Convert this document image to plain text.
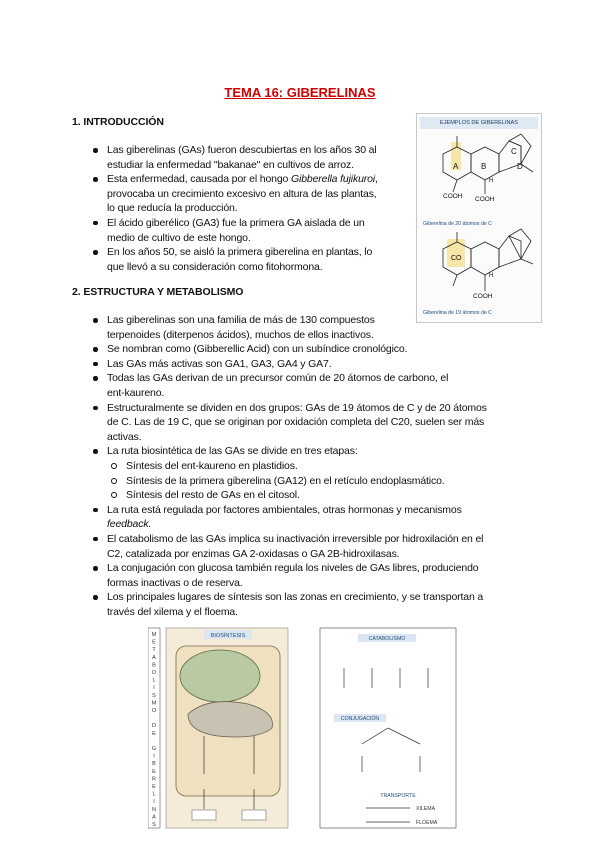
TEMA 16: GIBERELINAS
1. INTRODUCCIÓN
Las giberelinas (GAs) fueron descubiertas en los años 30 al
estudiar la enfermedad "bakanae" en cultivos de arroz.
Esta enfermedad, causada por el hongo Gibberella fujikuroi,
provocaba un crecimiento excesivo en altura de las plantas,
lo que reducía la producción.
El ácido giberélico (GA3) fue la primera GA aislada de un
medio de cultivo de este hongo.
En los años 50, se aisló la primera giberelina en plantas, lo
que llevó a su consideración como fitohormona.
EJEMPLOS DE GIBERELINAS
A	B
C
D
H
COOH COOH
CO
H
COOH
Giberelina de 20 átomos de C
Giberelina de 19 átomos de C
2. ESTRUCTURA Y METABOLISMO
Las giberelinas son una familia de más de 130 compuestos
terpenoides (diterpenos ácidos), muchos de ellos inactivos.
Se nombran como (Gibberellic Acid) con un subíndice cronológico.
Las GAs más activas son GA1, GA3, GA4 y GA7.
Todas las GAs derivan de un precursor común de 20 átomos de carbono, el
ent-kaureno.
Estructuralmente se dividen en dos grupos: GAs de 19 átomos de C y de 20 átomos
de C. Las de 19 C, que se originan por oxidación completa del C20, suelen ser más
activas.
La ruta biosintética de las GAs se divide en tres etapas:
Síntesis del ent-kaureno en plastidios.
Síntesis de la primera giberelina (GA12) en el retículo endoplasmático.
Síntesis del resto de GAs en el citosol.
La ruta está regulada por factores ambientales, otras hormonas y mecanismos
feedback.
El catabolismo de las GAs implica su inactivación irreversible por hidroxilación en el
C2, catalizada por enzimas GA 2-oxidasas o GA 2B-hidroxilasas.
La conjugación con glucosa también regula los niveles de GAs libres, produciendo
formas inactivas o de reserva.
Los principales lugares de síntesis son las zonas en crecimiento, y se transportan a
través del xilema y el floema.
M
E
T
A
B
O
L
I
S
M
O
D
E
G
I
B
E
R
E
L
I
N
A
S
BIOSÍNTESIS	CATABOLISMO
CONJUGACIÓN
TRANSPORTE
XILEMA
FLOEMA
